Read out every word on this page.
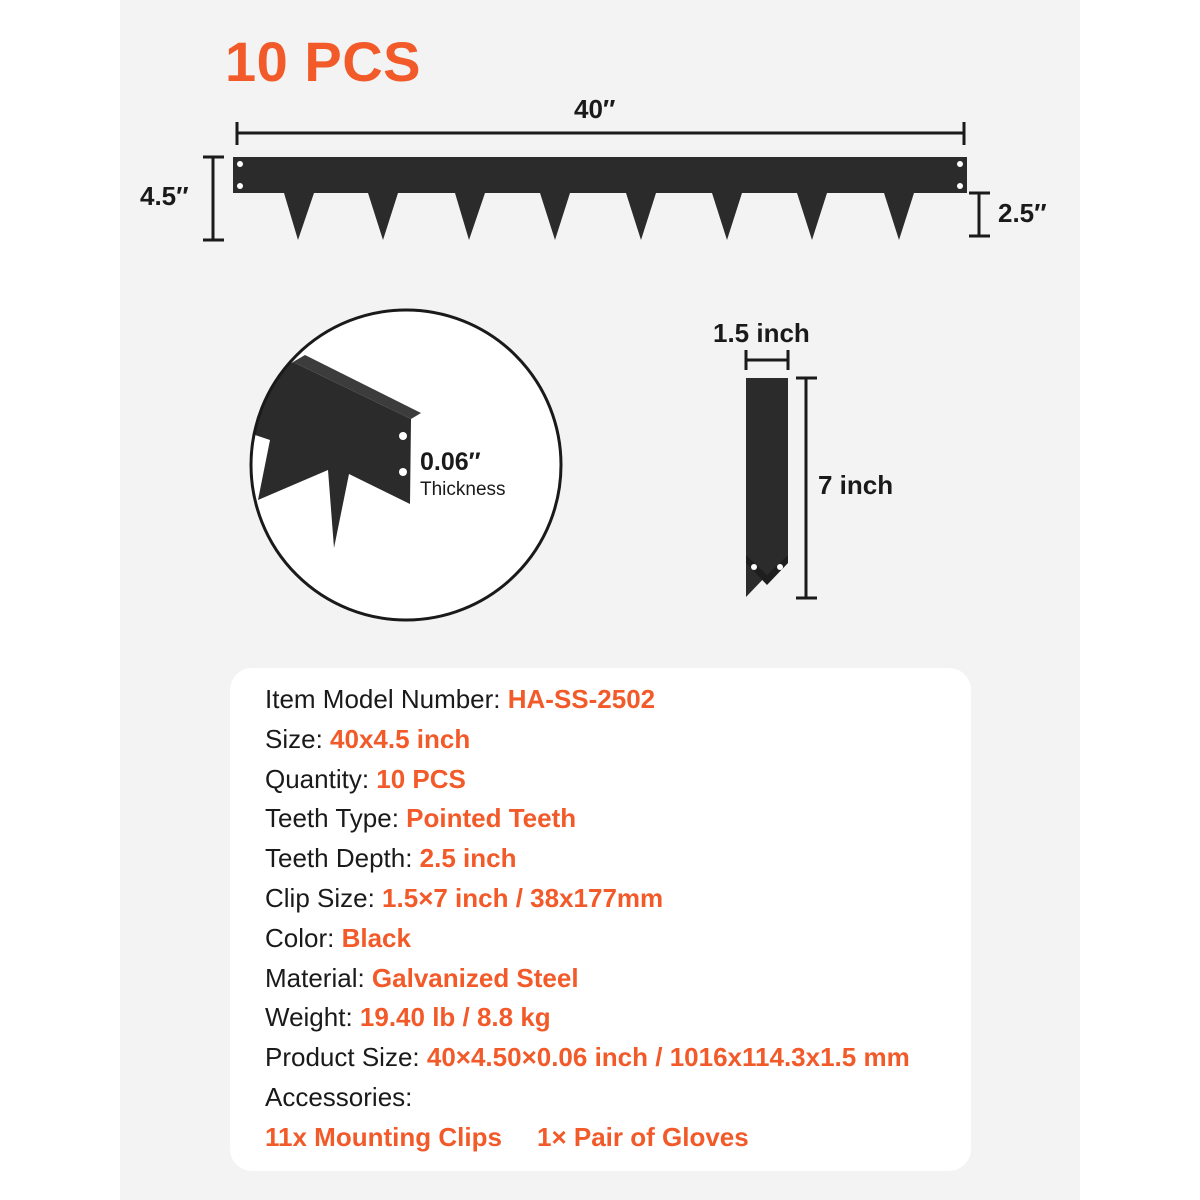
10 PCS
40′′
4.5′′
2.5′′
0.06′′
Thickness
1.5 inch
7 inch
Item Model Number: HA-SS-2502
Size: 40x4.5 inch
Quantity: 10 PCS
Teeth Type: Pointed Teeth
Teeth Depth: 2.5 inch
Clip Size: 1.5×7 inch / 38x177mm
Color: Black
Material: Galvanized Steel
Weight: 19.40 lb / 8.8 kg
Product Size: 40×4.50×0.06 inch / 1016x114.3x1.5 mm
Accessories:
11x Mounting Clips 1× Pair of Gloves
